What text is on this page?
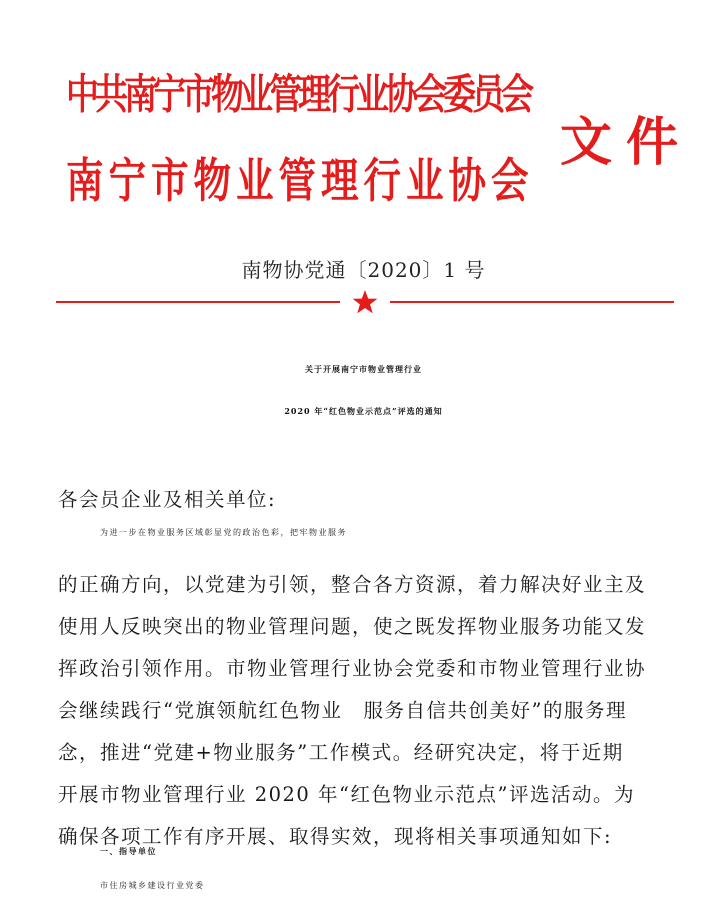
中共南宁市物业管理行业协会委员会
南宁市物业管理行业协会
文件
南物协党通〔2020〕1 号
关于开展南宁市物业管理行业
2020 年“红色物业示范点”评选的通知
各会员企业及相关单位:
为进一步在物业服务区域彰显党的政治色彩，把牢物业服务
的正确方向，以党建为引领，整合各方资源，着力解决好业主及
使用人反映突出的物业管理问题，使之既发挥物业服务功能又发
挥政治引领作用。市物业管理行业协会党委和市物业管理行业协
会继续践行“党旗领航红色物业　服务自信共创美好”的服务理
念，推进“党建+物业服务”工作模式。经研究决定，将于近期
开展市物业管理行业 2020 年“红色物业示范点”评选活动。为
确保各项工作有序开展、取得实效，现将相关事项通知如下:
一、指导单位
市住房城乡建设行业党委
